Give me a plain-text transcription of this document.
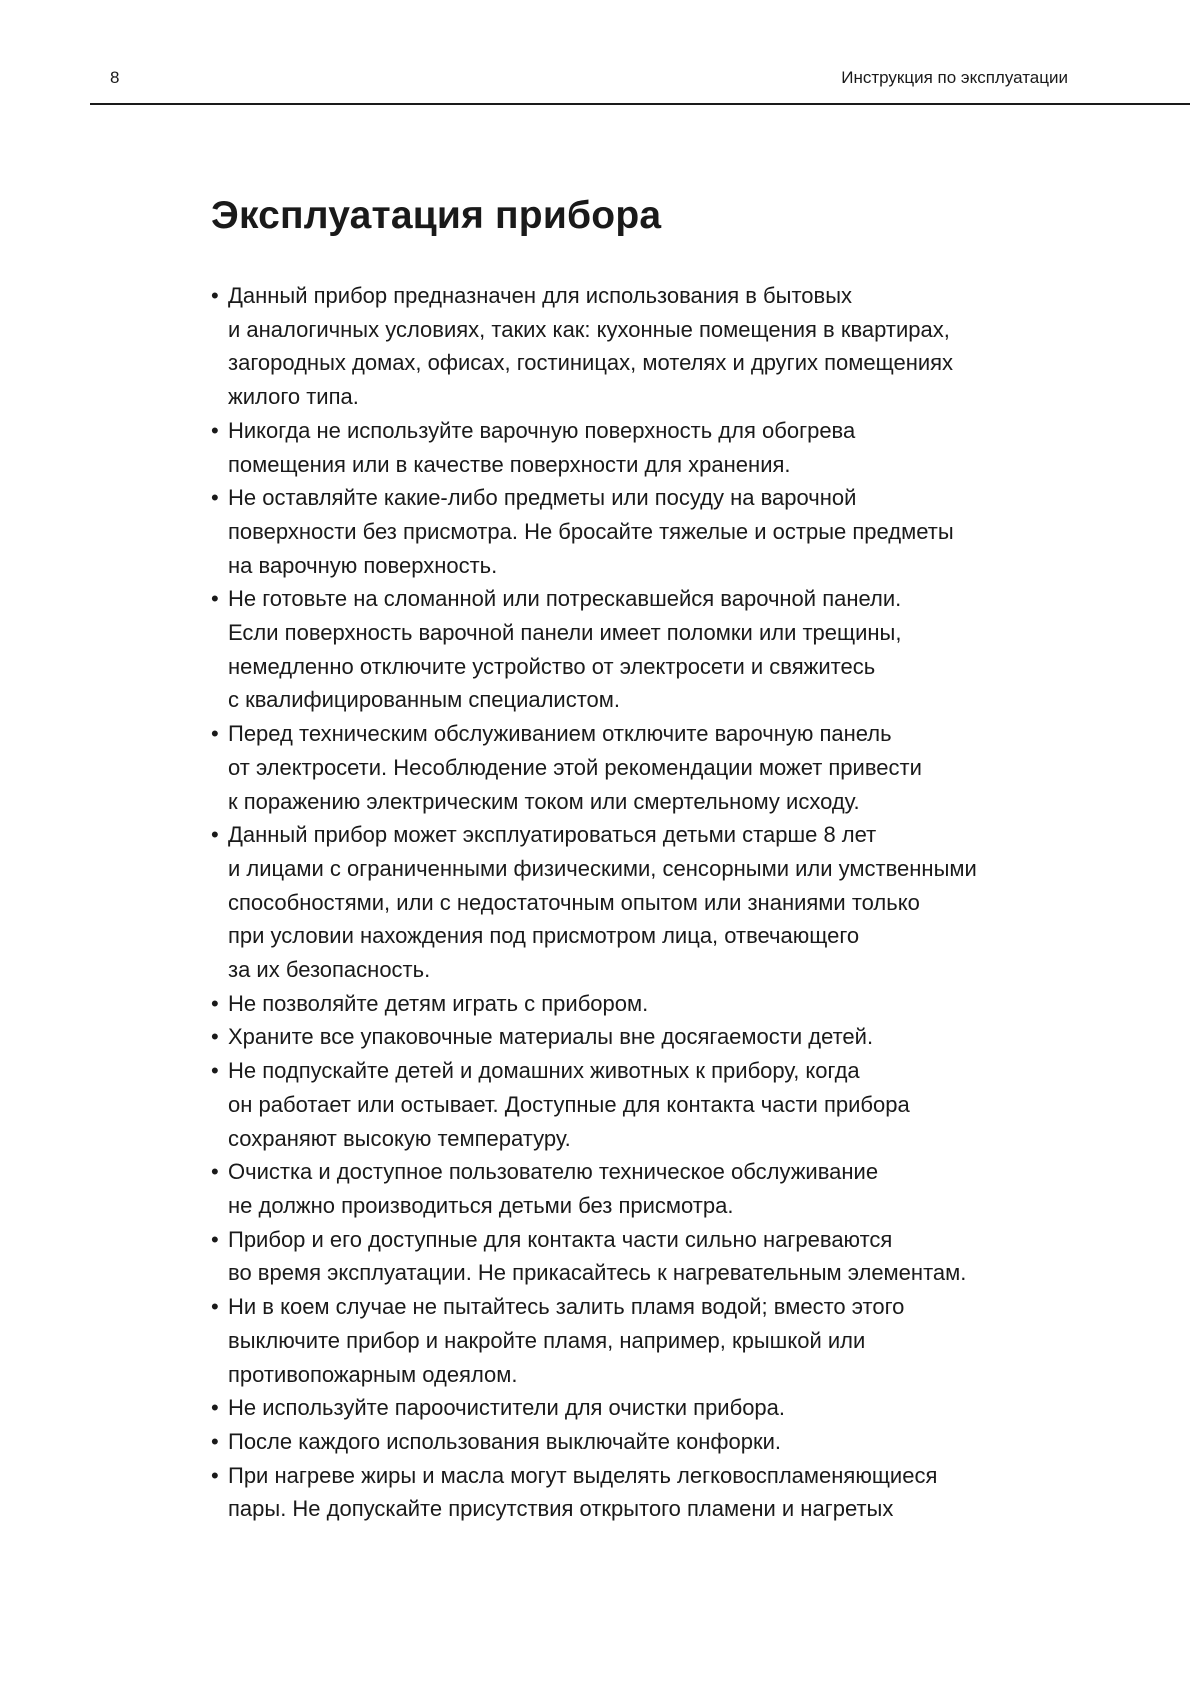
8	Инструкция по эксплуатации
Эксплуатация прибора
• Данный прибор предназначен для использования в бытовых
и аналогичных условиях, таких как: кухонные помещения в квартирах,
загородных домах, офисах, гостиницах, мотелях и других помещениях
жилого типа.
• Никогда не используйте варочную поверхность для обогрева
помещения или в качестве поверхности для хранения.
• Не оставляйте какие-либо предметы или посуду на варочной
поверхности без присмотра. Не бросайте тяжелые и острые предметы
на варочную поверхность.
• Не готовьте на сломанной или потрескавшейся варочной панели.
Если поверхность варочной панели имеет поломки или трещины,
немедленно отключите устройство от электросети и свяжитесь
с квалифицированным специалистом.
• Перед техническим обслуживанием отключите варочную панель
от электросети. Несоблюдение этой рекомендации может привести
к поражению электрическим током или смертельному исходу.
• Данный прибор может эксплуатироваться детьми старше 8 лет
и лицами с ограниченными физическими, сенсорными или умственными
способностями, или с недостаточным опытом или знаниями только
при условии нахождения под присмотром лица, отвечающего
за их безопасность.
• Не позволяйте детям играть с прибором.
• Храните все упаковочные материалы вне досягаемости детей.
• Не подпускайте детей и домашних животных к прибору, когда
он работает или остывает. Доступные для контакта части прибора
сохраняют высокую температуру.
• Очистка и доступное пользователю техническое обслуживание
не должно производиться детьми без присмотра.
• Прибор и его доступные для контакта части сильно нагреваются
во время эксплуатации. Не прикасайтесь к нагревательным элементам.
• Ни в коем случае не пытайтесь залить пламя водой; вместо этого
выключите прибор и накройте пламя, например, крышкой или
противопожарным одеялом.
• Не используйте пароочистители для очистки прибора.
• После каждого использования выключайте конфорки.
• При нагреве жиры и масла могут выделять легковоспламеняющиеся
пары. Не допускайте присутствия открытого пламени и нагретых
